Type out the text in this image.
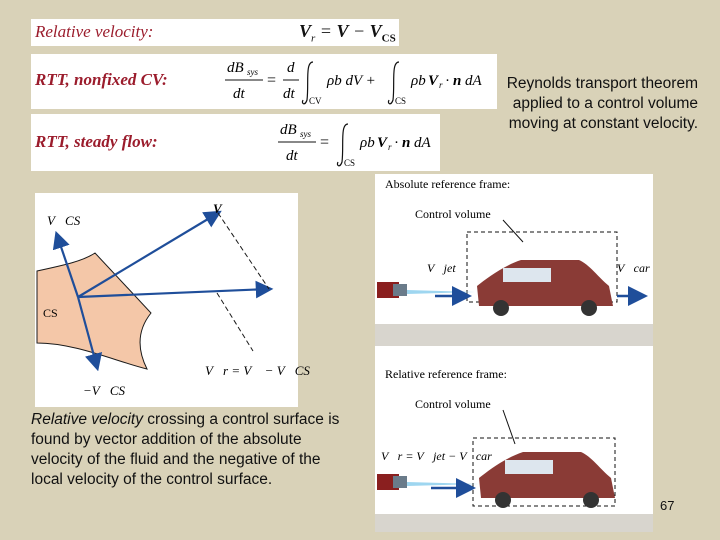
Relative velocity:	$V_r = V - V_{CS}$
RTT, nonfixed CV:
dB sys
dt
=
d
dt CV
ρb dV +
CS
ρb V r · n dA
RTT, steady flow:
dB sys
dt
=
CS
ρb V r · n dA
Reynolds transport theorem applied to a control volume moving at constant velocity.
V⃗CS
V⃗
CS
−V⃗CS
V⃗r = V⃗ − V⃗CS
Relative velocity crossing a control surface is found by vector addition of the absolute velocity of the fluid and the negative of the local velocity of the control surface.
Absolute reference frame:
Control volume
V⃗jet	V⃗car
Relative reference frame:
Control volume
V⃗r = V⃗jet − V⃗car
67
